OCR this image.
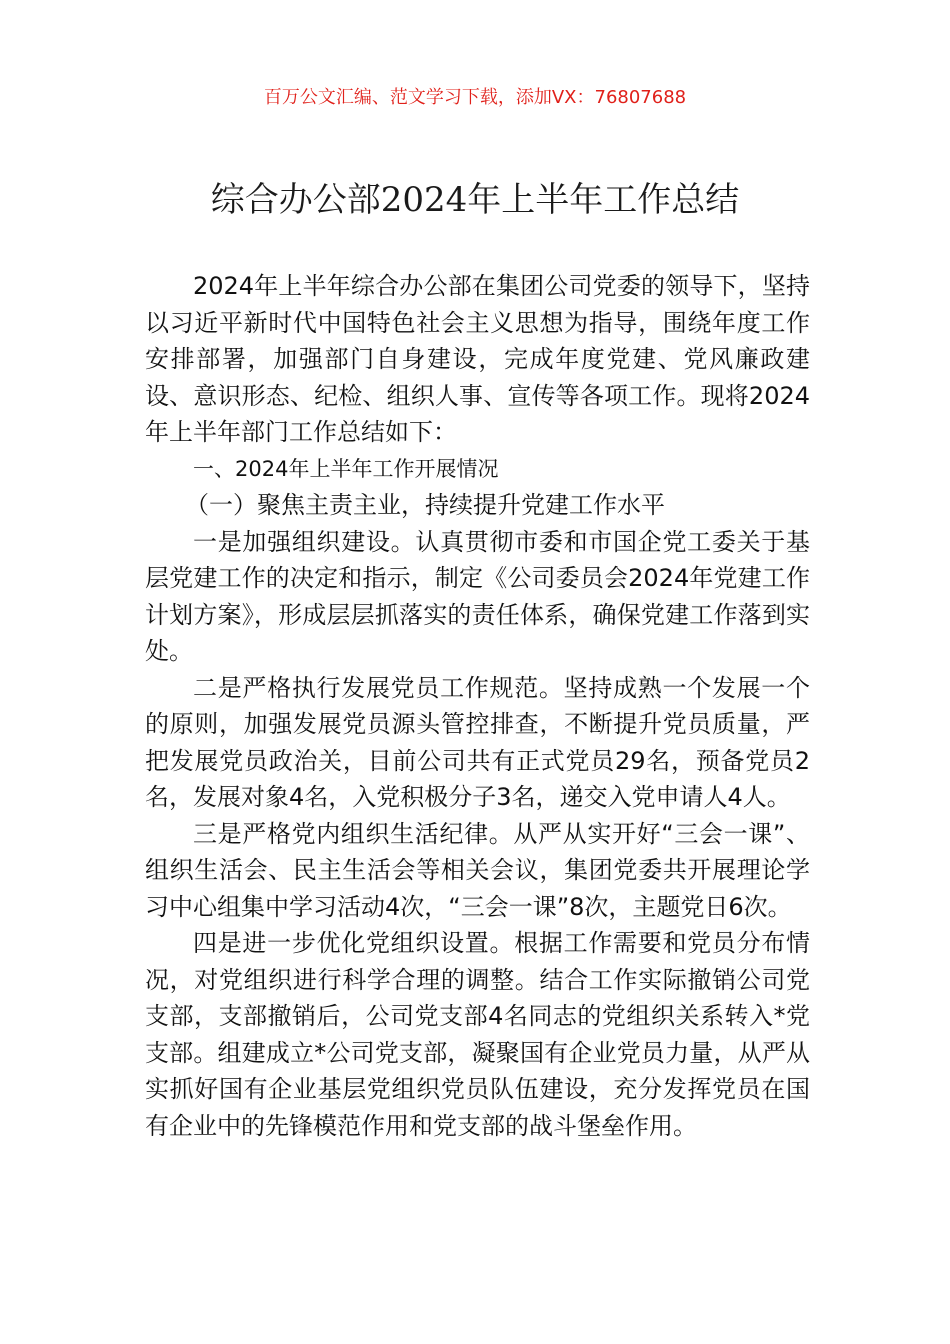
百万公文汇编、范文学习下载，添加VX：76807688
综合办公部2024年上半年工作总结

2024年上半年综合办公部在集团公司党委的领导下，坚持以习近平新时代中国特色社会主义思想为指导，围绕年度工作安排部署，加强部门自身建设，完成年度党建、党风廉政建设、意识形态、纪检、组织人事、宣传等各项工作。现将2024年上半年部门工作总结如下：

一、2024年上半年工作开展情况

（一）聚焦主责主业，持续提升党建工作水平

一是加强组织建设。认真贯彻市委和市国企党工委关于基层党建工作的决定和指示，制定《公司委员会2024年党建工作计划方案》，形成层层抓落实的责任体系，确保党建工作落到实处。

二是严格执行发展党员工作规范。坚持成熟一个发展一个的原则，加强发展党员源头管控排查，不断提升党员质量，严把发展党员政治关，目前公司共有正式党员29名，预备党员2名，发展对象4名，入党积极分子3名，递交入党申请人4人。

三是严格党内组织生活纪律。从严从实开好“三会一课”、组织生活会、民主生活会等相关会议，集团党委共开展理论学习中心组集中学习活动4次，“三会一课”8次，主题党日6次。

四是进一步优化党组织设置。根据工作需要和党员分布情况，对党组织进行科学合理的调整。结合工作实际撤销公司党支部，支部撤销后，公司党支部4名同志的党组织关系转入*党支部。组建成立*公司党支部，凝聚国有企业党员力量，从严从实抓好国有企业基层党组织党员队伍建设，充分发挥党员在国有企业中的先锋模范作用和党支部的战斗堡垒作用。
